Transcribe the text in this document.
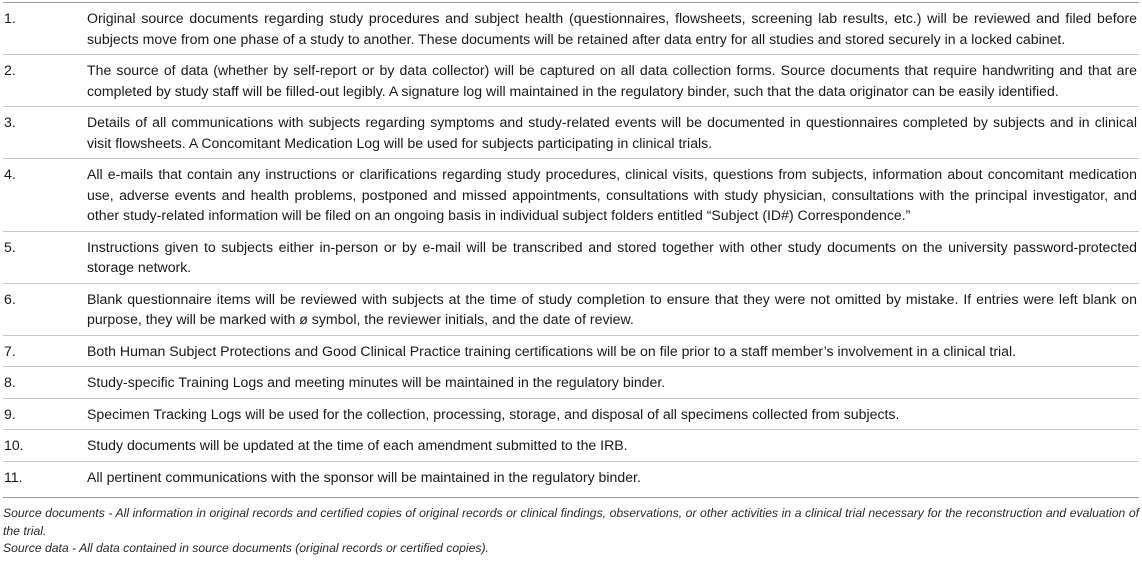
1.	Original source documents regarding study procedures and subject health (questionnaires, flowsheets, screening lab results, etc.) will be reviewed and filed before subjects move from one phase of a study to another. These documents will be retained after data entry for all studies and stored securely in a locked cabinet.
2.	The source of data (whether by self-report or by data collector) will be captured on all data collection forms. Source documents that require handwriting and that are completed by study staff will be filled-out legibly. A signature log will maintained in the regulatory binder, such that the data originator can be easily identified.
3.	Details of all communications with subjects regarding symptoms and study-related events will be documented in questionnaires completed by subjects and in clinical visit flowsheets. A Concomitant Medication Log will be used for subjects participating in clinical trials.
4.	All e-mails that contain any instructions or clarifications regarding study procedures, clinical visits, questions from subjects, information about concomitant medication use, adverse events and health problems, postponed and missed appointments, consultations with study physician, consultations with the principal investigator, and other study-related information will be filed on an ongoing basis in individual subject folders entitled “Subject (ID#) Correspondence.”
5.	Instructions given to subjects either in-person or by e-mail will be transcribed and stored together with other study documents on the university password-protected storage network.
6.	Blank questionnaire items will be reviewed with subjects at the time of study completion to ensure that they were not omitted by mistake. If entries were left blank on purpose, they will be marked with ø symbol, the reviewer initials, and the date of review.
7.	Both Human Subject Protections and Good Clinical Practice training certifications will be on file prior to a staff member’s involvement in a clinical trial.
8.	Study-specific Training Logs and meeting minutes will be maintained in the regulatory binder.
9.	Specimen Tracking Logs will be used for the collection, processing, storage, and disposal of all specimens collected from subjects.
10.	Study documents will be updated at the time of each amendment submitted to the IRB.
11.	All pertinent communications with the sponsor will be maintained in the regulatory binder.

Source documents - All information in original records and certified copies of original records or clinical findings, observations, or other activities in a clinical trial necessary for the reconstruction and evaluation of the trial.

Source data - All data contained in source documents (original records or certified copies).
